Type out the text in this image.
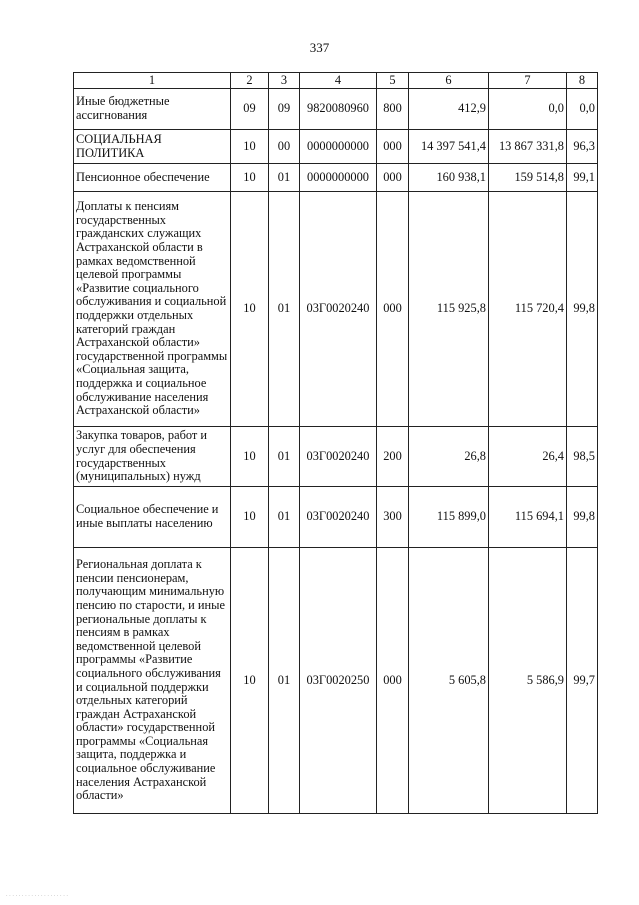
337
1	2	3	4	5	6	7	8
Иные бюджетные ассигнования	09	09	9820080960	800	412,9	0,0	0,0
СОЦИАЛЬНАЯ ПОЛИТИКА	10	00	0000000000	000	14 397 541,4	13 867 331,8	96,3
Пенсионное обеспечение	10	01	0000000000	000	160 938,1	159 514,8	99,1
Доплаты к пенсиям государственных гражданских служащих Астраханской области в рамках ведомственной целевой программы «Развитие социального обслуживания и социальной поддержки отдельных категорий граждан Астраханской области» государственной программы «Социальная защита, поддержка и социальное обслуживание населения Астраханской области»	10	01	03Г0020240	000	115 925,8	115 720,4	99,8
Закупка товаров, работ и услуг для обеспечения государственных (муниципальных) нужд	10	01	03Г0020240	200	26,8	26,4	98,5
Социальное обеспечение и иные выплаты населению	10	01	03Г0020240	300	115 899,0	115 694,1	99,8
Региональная доплата к пенсии пенсионерам, получающим минимальную пенсию по старости, и иные региональные доплаты к пенсиям в рамках ведомственной целевой программы «Развитие социального обслуживания и социальной поддержки отдельных категорий граждан Астраханской области» государственной программы «Социальная защита, поддержка и социальное обслуживание населения Астраханской области»	10	01	03Г0020250	000	5 605,8	5 586,9	99,7
· · · · · · · · · · · · · · · · · · · ·
